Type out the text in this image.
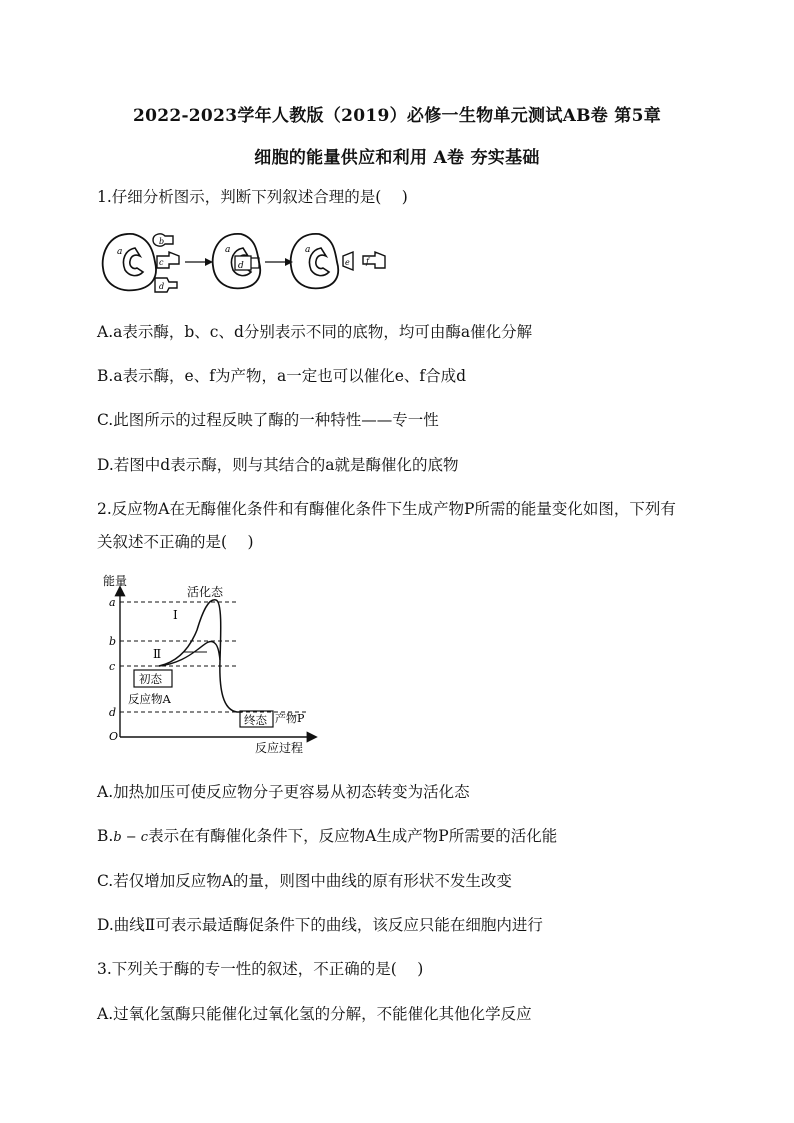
2022-2023学年人教版（2019）必修一生物单元测试AB卷 第5章
细胞的能量供应和利用 A卷 夯实基础
1.仔细分析图示，判断下列叙述合理的是(　 )
a
b
c
d
a
d
a
e f
A.a表示酶，b、c、d分别表示不同的底物，均可由酶a催化分解
B.a表示酶，e、f为产物，a一定也可以催化e、f合成d
C.此图所示的过程反映了酶的一种特性——专一性
D.若图中d表示酶，则与其结合的a就是酶催化的底物
2.反应物A在无酶催化条件和有酶催化条件下生成产物P所需的能量变化如图，下列有
关叙述不正确的是(　 )
能量
反应过程
O
a
b
c
d
活化态
Ⅰ
Ⅱ
初态
反应物A
终态 产物P
A.加热加压可使反应物分子更容易从初态转变为活化态
B.b − c表示在有酶催化条件下，反应物A生成产物P所需要的活化能
C.若仅增加反应物A的量，则图中曲线的原有形状不发生改变
D.曲线Ⅱ可表示最适酶促条件下的曲线，该反应只能在细胞内进行
3.下列关于酶的专一性的叙述，不正确的是(　 )
A.过氧化氢酶只能催化过氧化氢的分解，不能催化其他化学反应
